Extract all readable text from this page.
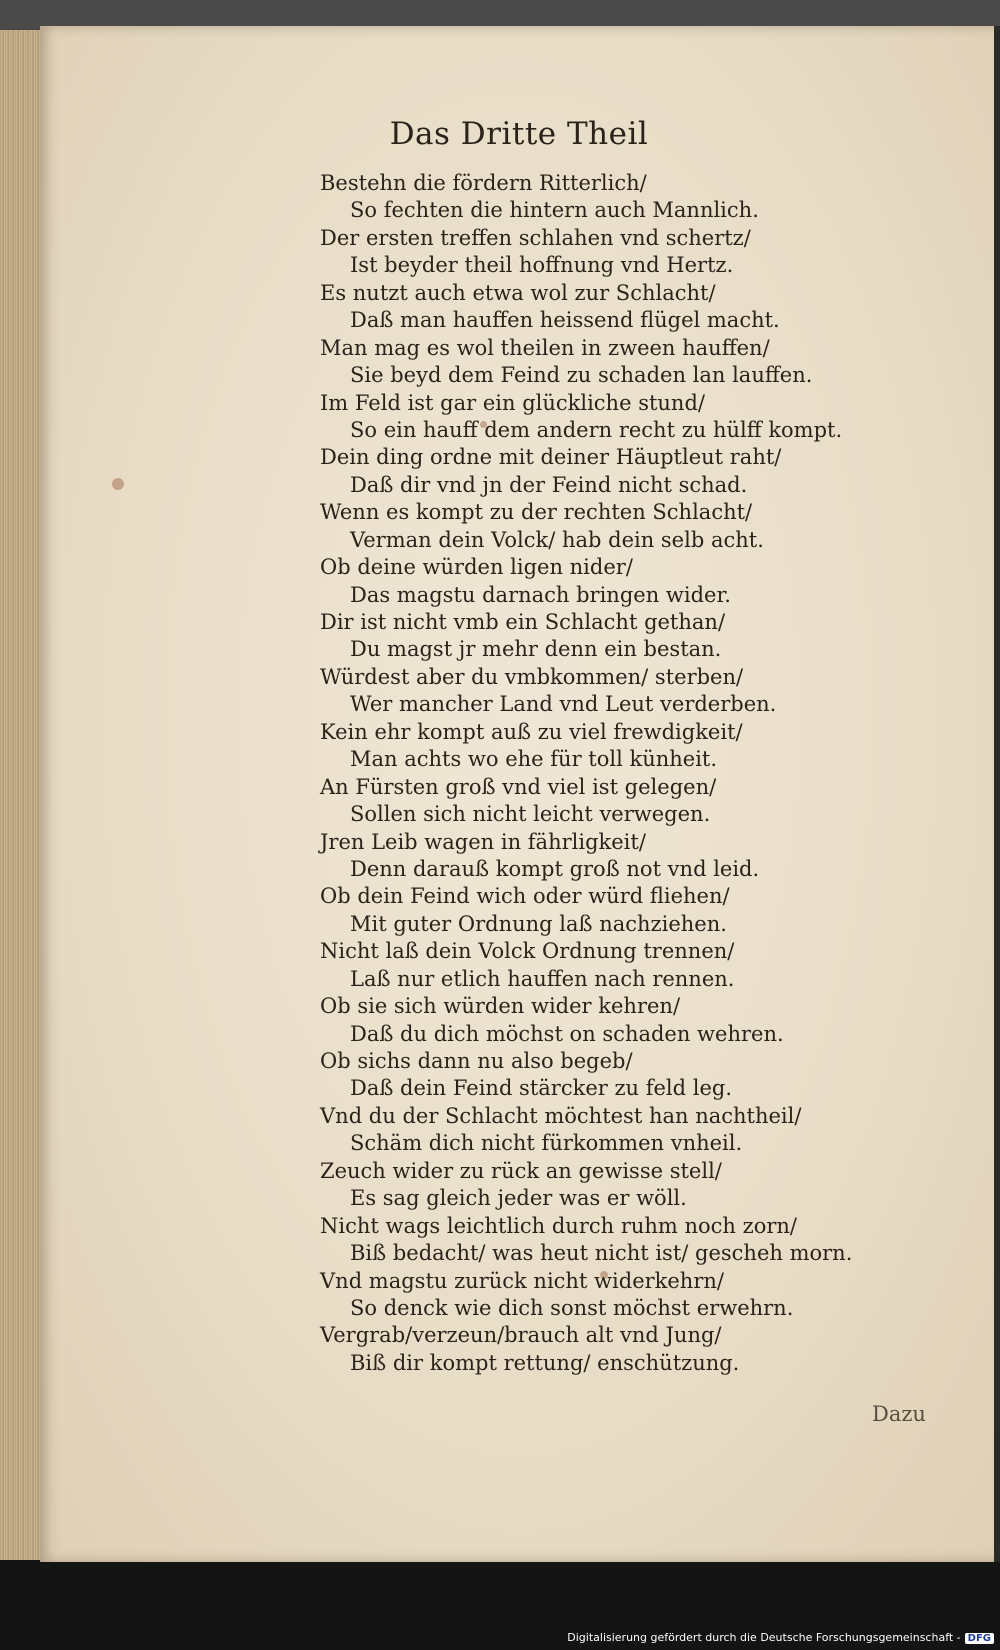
Das Dritte Theil
Bestehn die fördern Ritterlich/
So fechten die hintern auch Mannlich.
Der ersten treffen schlahen vnd schertz/
Ist beyder theil hoffnung vnd Hertz.
Es nutzt auch etwa wol zur Schlacht/
Daß man hauffen heissend flügel macht.
Man mag es wol theilen in zween hauffen/
Sie beyd dem Feind zu schaden lan lauffen.
Im Feld ist gar ein glückliche stund/
So ein hauff dem andern recht zu hülff kompt.
Dein ding ordne mit deiner Häuptleut raht/
Daß dir vnd jn der Feind nicht schad.
Wenn es kompt zu der rechten Schlacht/
Verman dein Volck/ hab dein selb acht.
Ob deine würden ligen nider/
Das magstu darnach bringen wider.
Dir ist nicht vmb ein Schlacht gethan/
Du magst jr mehr denn ein bestan.
Würdest aber du vmbkommen/ sterben/
Wer mancher Land vnd Leut verderben.
Kein ehr kompt auß zu viel frewdigkeit/
Man achts wo ehe für toll künheit.
An Fürsten groß vnd viel ist gelegen/
Sollen sich nicht leicht verwegen.
Jren Leib wagen in fährligkeit/
Denn darauß kompt groß not vnd leid.
Ob dein Feind wich oder würd fliehen/
Mit guter Ordnung laß nachziehen.
Nicht laß dein Volck Ordnung trennen/
Laß nur etlich hauffen nach rennen.
Ob sie sich würden wider kehren/
Daß du dich möchst on schaden wehren.
Ob sichs dann nu also begeb/
Daß dein Feind stärcker zu feld leg.
Vnd du der Schlacht möchtest han nachtheil/
Schäm dich nicht fürkommen vnheil.
Zeuch wider zu rück an gewisse stell/
Es sag gleich jeder was er wöll.
Nicht wags leichtlich durch ruhm noch zorn/
Biß bedacht/ was heut nicht ist/ gescheh morn.
Vnd magstu zurück nicht widerkehrn/
So denck wie dich sonst möchst erwehrn.
Vergrab/verzeun/brauch alt vnd Jung/
Biß dir kompt rettung/ enschützung.
Dazu
Digitalisierung gefördert durch die Deutsche Forschungsgemeinschaft - DFG
